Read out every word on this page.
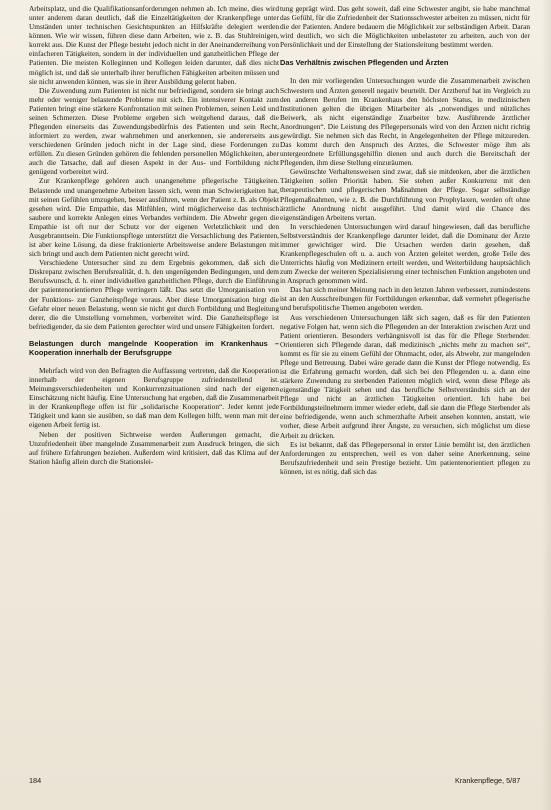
Arbeitsplatz, und die Qualifikationsanforderungen nehmen ab. Ich meine, dies wird unter anderem daran deutlich, daß die Einzeltätigkeiten der Krankenpflege unter Umständen unter technischen Gesichtspunkten an Hilfskräfte delegiert werden können. Wie wir wissen, führen diese dann Arbeiten, wie z. B. das Stuhlreinigen, korrekt aus. Die Kunst der Pflege besteht jedoch nicht in der Aneinanderreihung von einfacheren Tätigkeiten, sondern in der individuellen und ganzheitlichen Pflege der Patienten. Die meisten Kolleginnen und Kollegen leiden darunter, daß dies nicht möglich ist, und daß sie unterhalb ihrer beruflichen Fähigkeiten arbeiten müssen und sie nicht anwenden können, was sie in ihrer Ausbildung gelernt haben.

Die Zuwendung zum Patienten ist nicht nur befriedigend, sondern sie bringt auch mehr oder weniger belastende Probleme mit sich. Ein intensiverer Kontakt zum Patienten bringt eine stärkere Konfrontation mit seinen Problemen, seinen Leid und seinen Schmerzen. Diese Probleme ergeben sich weitgehend daraus, daß die Pflegenden einerseits das Zuwendungsbedürfnis des Patienten und sein Recht, informiert zu werden, zwar wahrnehmen und anerkennen, sie andererseits aus verschiedenen Gründen jedoch nicht in der Lage sind, diese Forderungen zu erfüllen. Zu diesen Gründen gehören die fehlenden personellen Möglichkeiten, aber auch die Tatsache, daß auf diesen Aspekt in der Aus- und Fortbildung nicht genügend vorbereitet wird.

Zur Krankenpflege gehören auch unangenehme pflegerische Tätigkeiten. Belastende und unangenehme Arbeiten lassen sich, wenn man Schwierigkeiten hat, mit seinen Gefühlen umzugehen, besser ausführen, wenn der Patient z. B. als Objekt gesehen wird. Die Empathie, das Mitfühlen, wird möglicherweise das technisch saubere und korrekte Anlegen eines Verbandes verhindern. Die Abwehr gegen die Empathie ist oft nur der Schutz vor der eigenen Verletzlichkeit und den Ausgebranntsein. Die Funktionspflege unterstützt die Versachlichung des Patienten, ist aber keine Lösung, da diese fraktionierte Arbeitsweise andere Belastungen mit sich bringt und auch dem Patienten nicht gerecht wird.

Verschiedene Untersucher sind zu dem Ergebnis gekommen, daß sich die Diskrepanz zwischen Berufsrealität, d. h. den ungenügenden Bedingungen, und dem Berufswunsch, d. h. einer individuellen ganzheitlichen Pflege, durch die Einführung der patientenorientierten Pflege verringern läßt. Das setzt die Umorganisation von der Funktions- zur Ganzheitspflege voraus. Aber diese Umorganisation birgt die Gefahr einer neuen Belastung, wenn sie nicht gut durch Fortbildung und Begleitung derer, die die Umstellung vornehmen, vorbereitet wird. Die Ganzheitspflege ist befriedigender, da sie dem Patienten gerechter wird und unsere Fähigkeiten fordert.

Belastungen durch mangelnde Kooperation im Krankenhaus – Kooperation innerhalb der Berufsgruppe

Mehrfach wird von den Befragten die Auffassung vertreten, daß die Kooperation innerhalb der eigenen Berufsgruppe zufriedenstellend ist. Meinungsverschiedenheiten und Konkurrenzsituationen sind nach der eigenen Einschätzung nicht häufig. Eine Untersuchung hat ergeben, daß die Zusammenarbeit in der Krankenpflege offen ist für „solidarische Kooperation“. Jeder kennt jede Tätigkeit und kann sie ausüben, so daß man dem Kollegen hilft, wenn man mit der eigenen Arbeit fertig ist.

Neben der positiven Sichtweise werden Äußerungen gemacht, die Unzufriedenheit über mangelnde Zusammenarbeit zum Ausdruck bringen, die sich auf frühere Erfahrungen beziehen. Außerdem wird kritisiert, daß das Klima auf der Station häufig allein durch die Stationslei-

tung geprägt wird. Das geht soweit, daß eine Schwester angibt, sie habe manchmal das Gefühl, für die Zufriedenheit der Stationsschwester arbeiten zu müssen, nicht für die der Patienten. Andere bedauern die Möglichkeit zur selbständigen Arbeit. Daran wird deutlich, wo sich die Möglichkeiten unbelasteter zu arbeiten, auch von der Persönlichkeit und der Einstellung der Stationsleitung bestimmt werden.

Das Verhältnis zwischen Pflegenden und Ärzten

In den mir vorliegenden Untersuchungen wurde die Zusammenarbeit zwischen Schwestern und Ärzten generell negativ beurteilt. Der Arztberuf hat im Vergleich zu den anderen Berufen im Krankenhaus den höchsten Status, in medizinischen Institutionen gelten die übrigen Mitarbeiter als „notwendiges und nützliches Beiwerk, als nicht eigenständige Zuarbeiter bzw. Ausführende ärztlicher Anordnungen“. Die Leistung des Pflegepersonals wird von den Ärzten nicht richtig gewürdigt. Sie nehmen sich das Recht, in Angelegenheiten der Pflege mitzureden. Das kommt durch den Anspruch des Arztes, die Schwester möge ihm als untergeordnete Erfüllungsgehilfin dienen und auch durch die Bereitschaft der Pflegenden, ihm diese Stellung einzuräumen.

Gewünschte Verhaltensweisen sind zwar, daß sie mitdenken, aber die ärztlichen Tätigkeiten sollen Priorität haben. Sie stehen außer Konkurrenz mit den therapeutischen und pflegerischen Maßnahmen der Pflege. Sogar selbständige Pflegemaßnahmen, wie z. B. die Durchführung von Prophylaxen, werden oft ohne ärztliche Anordnung nicht ausgeführt. Und damit wird die Chance des eigenständigen Arbeitens vertan.

In verschiedenen Untersuchungen wird darauf hingewiesen, daß das berufliche Selbstverständnis der Krankenpflege darunter leidet, daß die Dominanz der Ärzte immer gewichtiger wird. Die Ursachen werden darin gesehen, daß Krankenpflegeschulen oft u. a. auch von Ärzten geleitet werden, große Teile des Unterrichts häufig von Medizinern erteilt werden, und Weiterbildung hauptsächlich zum Zwecke der weiteren Spezialisierung einer technischen Funktion angeboten und in Anspruch genommen wird.

Das hat sich meiner Meinung nach in den letzten Jahren verbessert, zumindestens ist an den Ausschreibungen für Fortbildungen erkennbar, daß vermehrt pflegerische und berufspolitische Themen angeboten werden.

Aus verschiedenen Untersuchungen läßt sich sagen, daß es für den Patienten negative Folgen hat, wenn sich die Pflegenden an der Interaktion zwischen Arzt und Patient orientieren. Besonders verhängnisvoll ist das für die Pflege Sterbender. Orientieren sich Pflegende daran, daß medizinisch „nichts mehr zu machen sei“, kommt es für sie zu einem Gefühl der Ohnmacht, oder, als Abwehr, zur mangelnden Pflege und Betreuung. Dabei wäre gerade dann die Kunst der Pflege notwendig. Es ist die Erfahrung gemacht worden, daß sich bei den Pflegenden u. a. dann eine stärkere Zuwendung zu sterbenden Patienten möglich wird, wenn diese Pflege als eigenständige Tätigkeit sehen und das berufliche Selbstverständnis sich an der Pflege und nicht an ärztlichen Tätigkeiten orientiert. Ich habe bei Fortbildungsteilnehmern immer wieder erlebt, daß sie dann die Pflege Sterbender als eine befriedigende, wenn auch schmerzhafte Arbeit ansehen konnten, anstatt, wie vorher, diese Arbeit aufgrund ihrer Ängste, zu versuchen, sich möglichst um diese Arbeit zu drücken.

Es ist bekannt, daß das Pflegepersonal in erster Linie bemüht ist, den ärztlichen Anforderungen zu entsprechen, weil es von daher seine Anerkennung, seine Berufszufriedenheit und sein Prestige bezieht. Um patientenorientiert pflegen zu können, ist es nötig, daß sich das

184	Krankenpflege, 5/87
